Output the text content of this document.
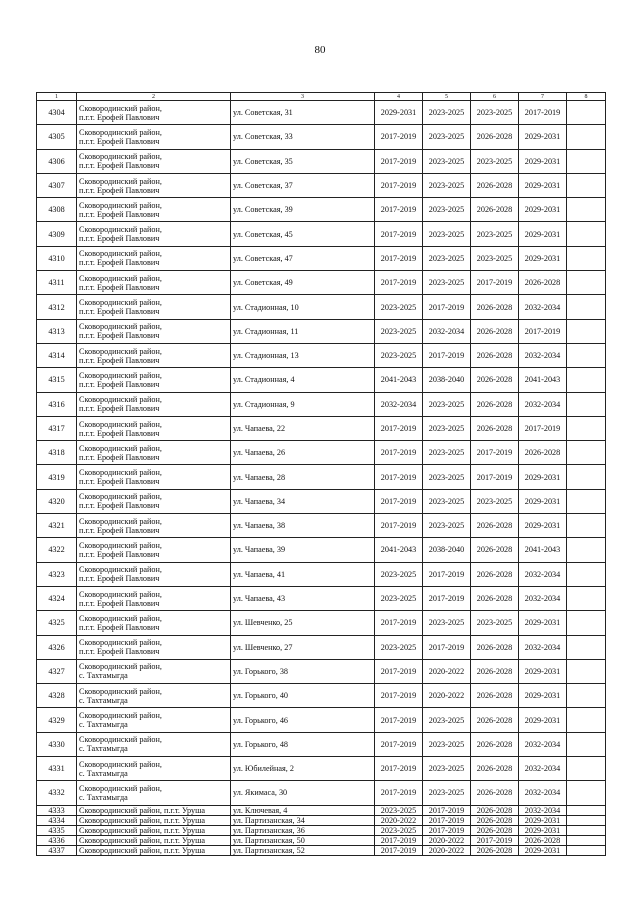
80
1	2	3	4	5	6	7	8
4304	Сковородинский район,
п.г.т. Ерофей Павлович	ул. Советская, 31	2029-2031	2023-2025	2023-2025	2017-2019	
4305	Сковородинский район,
п.г.т. Ерофей Павлович	ул. Советская, 33	2017-2019	2023-2025	2026-2028	2029-2031	
4306	Сковородинский район,
п.г.т. Ерофей Павлович	ул. Советская, 35	2017-2019	2023-2025	2023-2025	2029-2031	
4307	Сковородинский район,
п.г.т. Ерофей Павлович	ул. Советская, 37	2017-2019	2023-2025	2026-2028	2029-2031	
4308	Сковородинский район,
п.г.т. Ерофей Павлович	ул. Советская, 39	2017-2019	2023-2025	2026-2028	2029-2031	
4309	Сковородинский район,
п.г.т. Ерофей Павлович	ул. Советская, 45	2017-2019	2023-2025	2023-2025	2029-2031	
4310	Сковородинский район,
п.г.т. Ерофей Павлович	ул. Советская, 47	2017-2019	2023-2025	2023-2025	2029-2031	
4311	Сковородинский район,
п.г.т. Ерофей Павлович	ул. Советская, 49	2017-2019	2023-2025	2017-2019	2026-2028	
4312	Сковородинский район,
п.г.т. Ерофей Павлович	ул. Стадионная, 10	2023-2025	2017-2019	2026-2028	2032-2034	
4313	Сковородинский район,
п.г.т. Ерофей Павлович	ул. Стадионная, 11	2023-2025	2032-2034	2026-2028	2017-2019	
4314	Сковородинский район,
п.г.т. Ерофей Павлович	ул. Стадионная, 13	2023-2025	2017-2019	2026-2028	2032-2034	
4315	Сковородинский район,
п.г.т. Ерофей Павлович	ул. Стадионная, 4	2041-2043	2038-2040	2026-2028	2041-2043	
4316	Сковородинский район,
п.г.т. Ерофей Павлович	ул. Стадионная, 9	2032-2034	2023-2025	2026-2028	2032-2034	
4317	Сковородинский район,
п.г.т. Ерофей Павлович	ул. Чапаева, 22	2017-2019	2023-2025	2026-2028	2017-2019	
4318	Сковородинский район,
п.г.т. Ерофей Павлович	ул. Чапаева, 26	2017-2019	2023-2025	2017-2019	2026-2028	
4319	Сковородинский район,
п.г.т. Ерофей Павлович	ул. Чапаева, 28	2017-2019	2023-2025	2017-2019	2029-2031	
4320	Сковородинский район,
п.г.т. Ерофей Павлович	ул. Чапаева, 34	2017-2019	2023-2025	2023-2025	2029-2031	
4321	Сковородинский район,
п.г.т. Ерофей Павлович	ул. Чапаева, 38	2017-2019	2023-2025	2026-2028	2029-2031	
4322	Сковородинский район,
п.г.т. Ерофей Павлович	ул. Чапаева, 39	2041-2043	2038-2040	2026-2028	2041-2043	
4323	Сковородинский район,
п.г.т. Ерофей Павлович	ул. Чапаева, 41	2023-2025	2017-2019	2026-2028	2032-2034	
4324	Сковородинский район,
п.г.т. Ерофей Павлович	ул. Чапаева, 43	2023-2025	2017-2019	2026-2028	2032-2034	
4325	Сковородинский район,
п.г.т. Ерофей Павлович	ул. Шевченко, 25	2017-2019	2023-2025	2023-2025	2029-2031	
4326	Сковородинский район,
п.г.т. Ерофей Павлович	ул. Шевченко, 27	2023-2025	2017-2019	2026-2028	2032-2034	
4327	Сковородинский район,
с. Тахтамыгда	ул. Горького, 38	2017-2019	2020-2022	2026-2028	2029-2031	
4328	Сковородинский район,
с. Тахтамыгда	ул. Горького, 40	2017-2019	2020-2022	2026-2028	2029-2031	
4329	Сковородинский район,
с. Тахтамыгда	ул. Горького, 46	2017-2019	2023-2025	2026-2028	2029-2031	
4330	Сковородинский район,
с. Тахтамыгда	ул. Горького, 48	2017-2019	2023-2025	2026-2028	2032-2034	
4331	Сковородинский район,
с. Тахтамыгда	ул. Юбилейная, 2	2017-2019	2023-2025	2026-2028	2032-2034	
4332	Сковородинский район,
с. Тахтамыгда	ул. Якимаса, 30	2017-2019	2023-2025	2026-2028	2032-2034	
4333	Сковородинский район, п.г.т. Уруша	ул. Ключевая, 4	2023-2025	2017-2019	2026-2028	2032-2034	
4334	Сковородинский район, п.г.т. Уруша	ул. Партизанская, 34	2020-2022	2017-2019	2026-2028	2029-2031	
4335	Сковородинский район, п.г.т. Уруша	ул. Партизанская, 36	2023-2025	2017-2019	2026-2028	2029-2031	
4336	Сковородинский район, п.г.т. Уруша	ул. Партизанская, 50	2017-2019	2020-2022	2017-2019	2026-2028	
4337	Сковородинский район, п.г.т. Уруша	ул. Партизанская, 52	2017-2019	2020-2022	2026-2028	2029-2031	
